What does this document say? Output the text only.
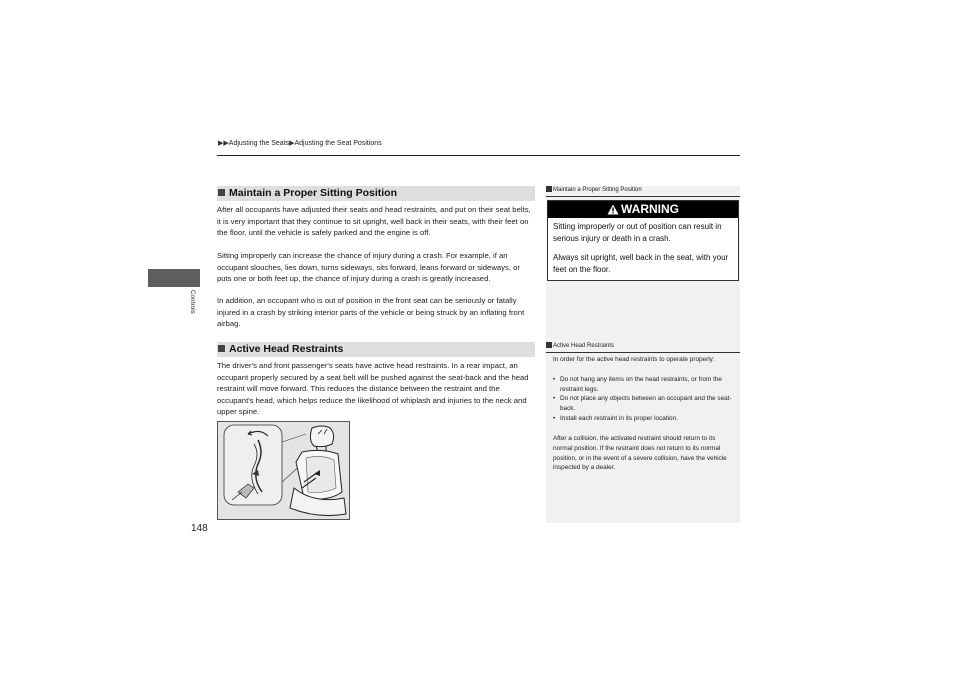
▶▶Adjusting the Seats▶Adjusting the Seat Positions
Controls
Maintain a Proper Sitting Position
After all occupants have adjusted their seats and head restraints, and put on their seat belts, it is very important that they continue to sit upright, well back in their seats, with their feet on the floor, until the vehicle is safely parked and the engine is off.
Sitting improperly can increase the chance of injury during a crash. For example, if an occupant slouches, lies down, turns sideways, sits forward, leans forward or sideways, or puts one or both feet up, the chance of injury during a crash is greatly increased.
In addition, an occupant who is out of position in the front seat can be seriously or fatally injured in a crash by striking interior parts of the vehicle or being struck by an inflating front airbag.
Active Head Restraints
The driver's and front passenger's seats have active head restraints. In a rear impact, an occupant properly secured by a seat belt will be pushed against the seat-back and the head restraint will move forward. This reduces the distance between the restraint and the occupant's head, which helps reduce the likelihood of whiplash and injuries to the neck and upper spine.
Maintain a Proper Sitting Position
WARNING
Sitting improperly or out of position can result in serious injury or death in a crash.
Always sit upright, well back in the seat, with your feet on the floor.
Active Head Restraints
In order for the active head restraints to operate properly:
• Do not hang any items on the head restraints, or from the restraint legs.
• Do not place any objects between an occupant and the seat-back.
• Install each restraint in its proper location.
After a collision, the activated restraint should return to its normal position. If the restraint does not return to its normal position, or in the event of a severe collision, have the vehicle inspected by a dealer.
148
